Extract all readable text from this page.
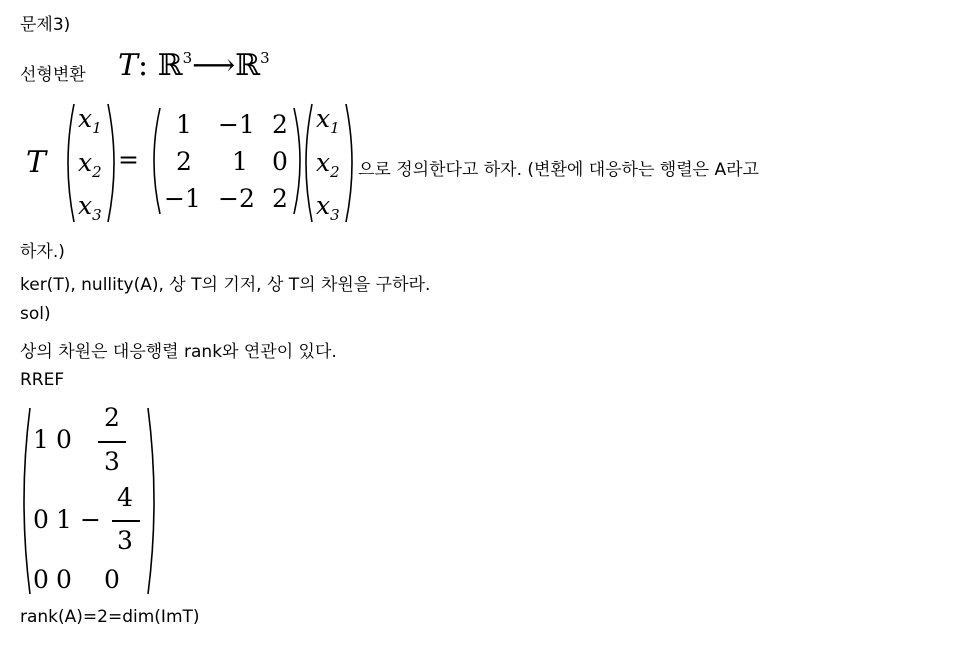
문제3)
선형변환 T: ℝ$^3$⟶ℝ$^3$
T
$x_1$
$x_2$
$x_3$
=
1 −1 2
2 1 0
−1 −2 2
$x_1$
$x_2$
$x_3$
으로 정의한다고 하자. (변환에 대응하는 행렬은 A라고
하자.)
ker(T), nullity(A), 상 T의 기저, 상 T의 차원을 구하라.
sol)
상의 차원은 대응행렬 rank와 연관이 있다.
RREF
1 0
2
3
0 1 −
4
3
0 0 0
rank(A)=2=dim(ImT)
